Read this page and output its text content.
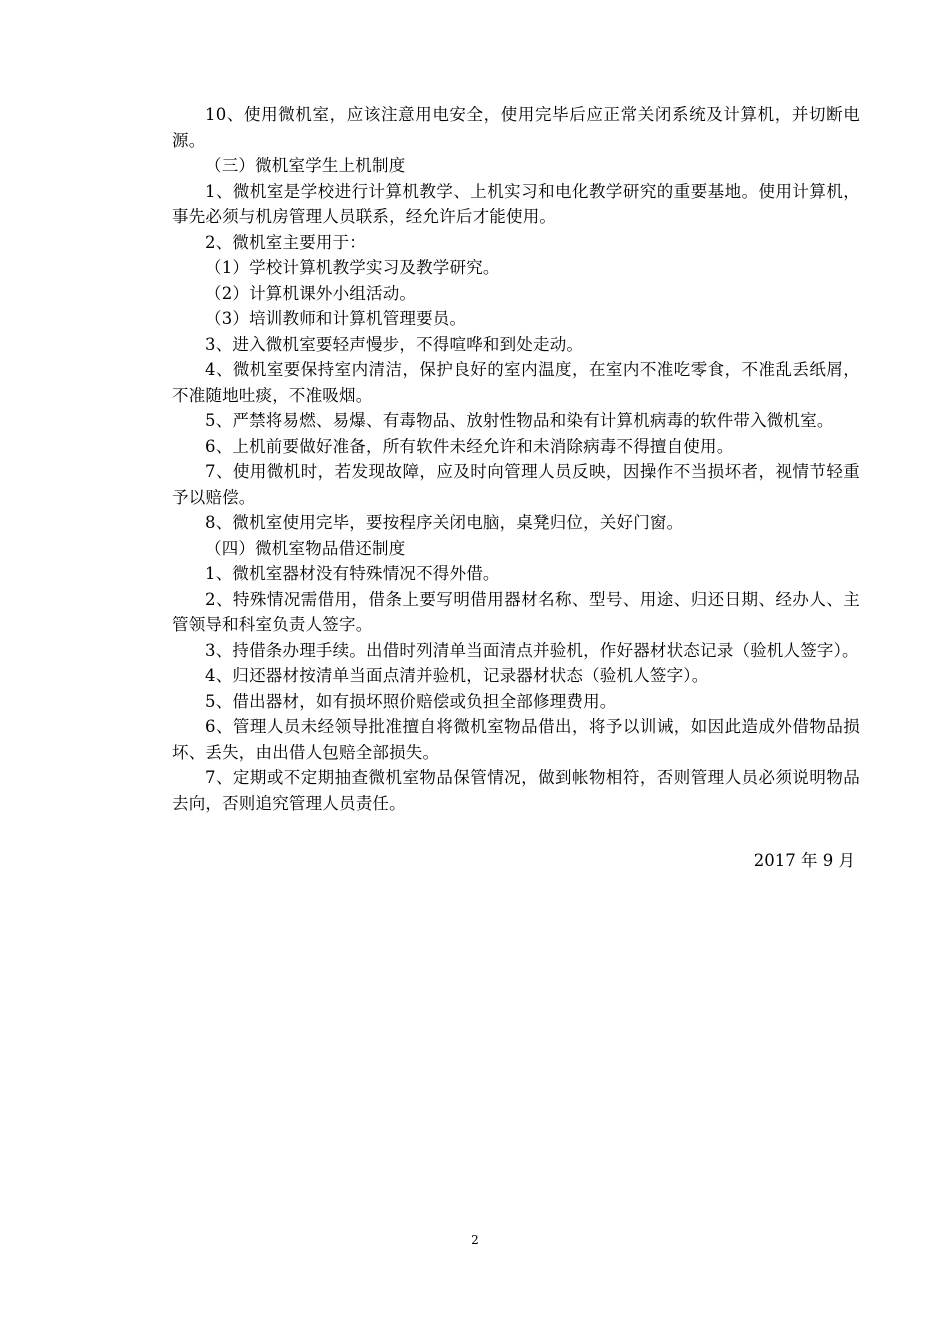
10、使用微机室，应该注意用电安全，使用完毕后应正常关闭系统及计算机，并切断电源。

（三）微机室学生上机制度

1、微机室是学校进行计算机教学、上机实习和电化教学研究的重要基地。使用计算机，事先必须与机房管理人员联系，经允许后才能使用。

2、微机室主要用于：

（1）学校计算机教学实习及教学研究。

（2）计算机课外小组活动。

（3）培训教师和计算机管理要员。

3、进入微机室要轻声慢步，不得喧哗和到处走动。

4、微机室要保持室内清洁，保护良好的室内温度，在室内不准吃零食，不准乱丢纸屑，不准随地吐痰，不准吸烟。

5、严禁将易燃、易爆、有毒物品、放射性物品和染有计算机病毒的软件带入微机室。

6、上机前要做好准备，所有软件未经允许和未消除病毒不得擅自使用。

7、使用微机时，若发现故障，应及时向管理人员反映，因操作不当损坏者，视情节轻重予以赔偿。

8、微机室使用完毕，要按程序关闭电脑，桌凳归位，关好门窗。

（四）微机室物品借还制度

1、微机室器材没有特殊情况不得外借。

2、特殊情况需借用，借条上要写明借用器材名称、型号、用途、归还日期、经办人、主管领导和科室负责人签字。

3、持借条办理手续。出借时列清单当面清点并验机，作好器材状态记录（验机人签字）。

4、归还器材按清单当面点清并验机，记录器材状态（验机人签字）。

5、借出器材，如有损坏照价赔偿或负担全部修理费用。

6、管理人员未经领导批准擅自将微机室物品借出，将予以训诫，如因此造成外借物品损坏、丢失，由出借人包赔全部损失。

7、定期或不定期抽查微机室物品保管情况，做到帐物相符，否则管理人员必须说明物品去向，否则追究管理人员责任。

2017 年 9 月
2
